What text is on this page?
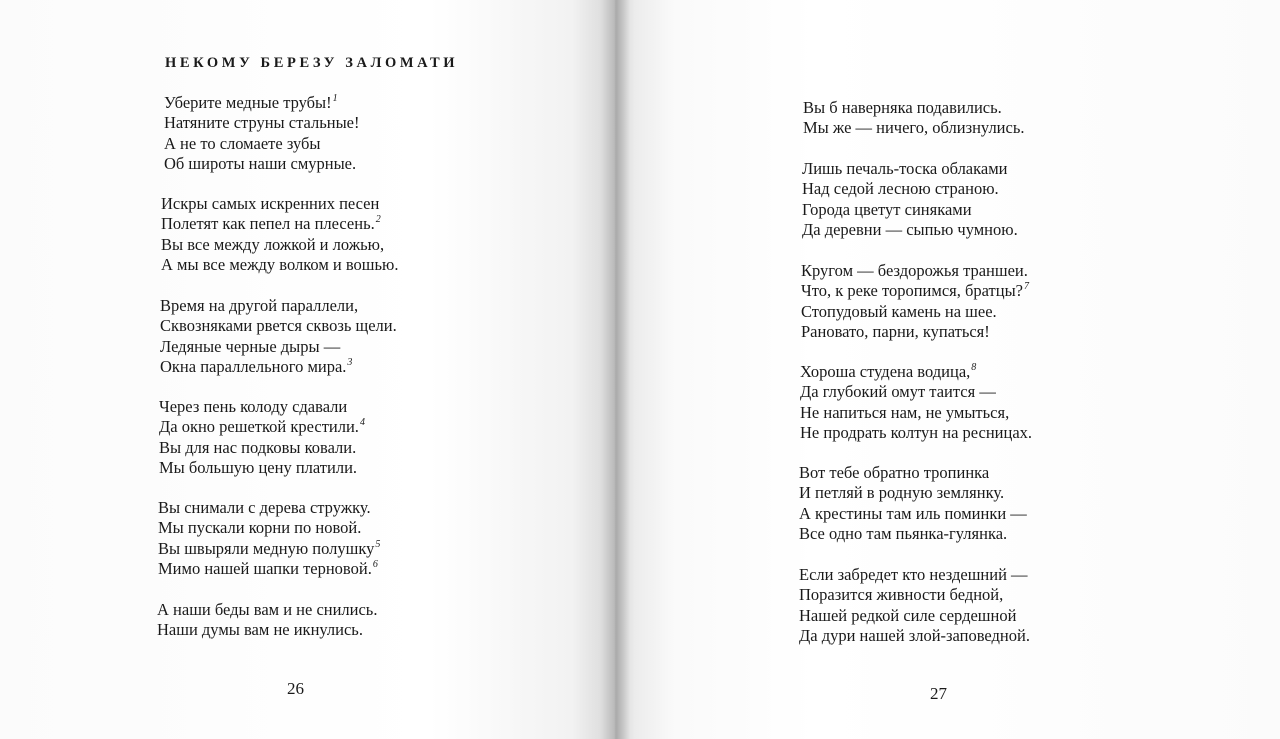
НЕКОМУ БЕРЕЗУ ЗАЛОМАТИ
Уберите медные трубы!$^1$
Натяните струны стальные!
А не то сломаете зубы
Об широты наши смурные.
Искры самых искренних песен
Полетят как пепел на плесень.$^2$
Вы все между ложкой и ложью,
А мы все между волком и вошью.
Время на другой параллели,
Сквозняками рвется сквозь щели.
Ледяные черные дыры —
Окна параллельного мира.$^3$
Через пень колоду сдавали
Да окно решеткой крестили.$^4$
Вы для нас подковы ковали.
Мы большую цену платили.
Вы снимали с дерева стружку.
Мы пускали корни по новой.
Вы швыряли медную полушку$^5$
Мимо нашей шапки терновой.$^6$
А наши беды вам и не снились.
Наши думы вам не икнулись.
26
Вы б наверняка подавились.
Мы же — ничего, облизнулись.
Лишь печаль-тоска облаками
Над седой лесною страною.
Города цветут синяками
Да деревни — сыпью чумною.
Кругом — бездорожья траншеи.
Что, к реке торопимся, братцы?$^7$
Стопудовый камень на шее.
Рановато, парни, купаться!
Хороша студена водица,$^8$
Да глубокий омут таится —
Не напиться нам, не умыться,
Не продрать колтун на ресницах.
Вот тебе обратно тропинка
И петляй в родную землянку.
А крестины там иль поминки —
Все одно там пьянка-гулянка.
Если забредет кто нездешний —
Поразится живности бедной,
Нашей редкой силе сердешной
Да дури нашей злой-заповедной.
27
